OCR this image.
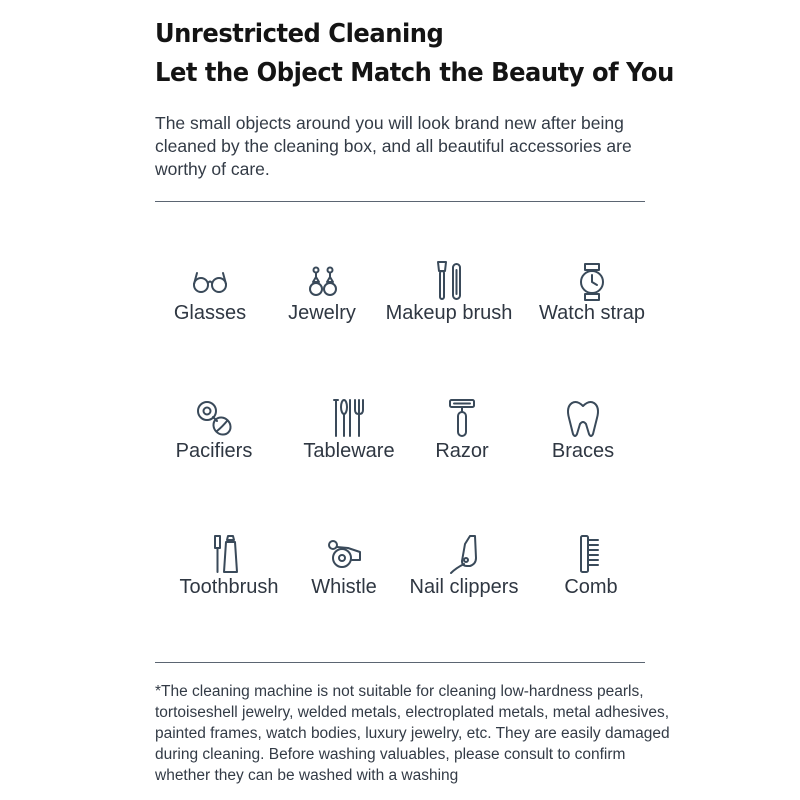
Unrestricted Cleaning
Let the Object Match the Beauty of You

The small objects around you will look brand new after being cleaned by the cleaning box, and all beautiful accessories are worthy of care.

Glasses	Jewelry	Makeup brush	Watch strap
Pacifiers	Tableware	Razor	Braces
Toothbrush	Whistle	Nail clippers	Comb

*The cleaning machine is not suitable for cleaning low-hardness pearls, tortoiseshell jewelry, welded metals, electroplated metals, metal adhesives, painted frames, watch bodies, luxury jewelry, etc. They are easily damaged during cleaning. Before washing valuables, please consult to confirm whether they can be washed with a washing
